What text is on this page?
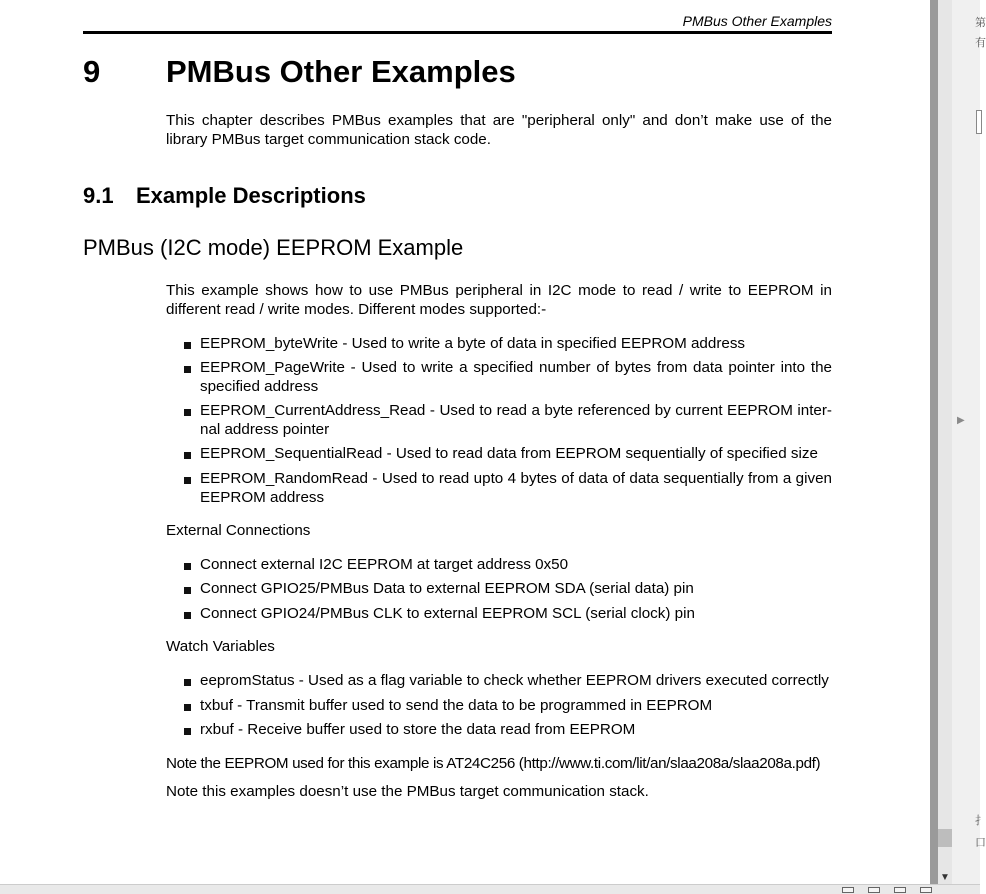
PMBus Other Examples
9 PMBus Other Examples
This chapter describes PMBus examples that are "peripheral only" and don’t make use of the library PMBus target communication stack code.
9.1 Example Descriptions
PMBus (I2C mode) EEPROM Example
This example shows how to use PMBus peripheral in I2C mode to read / write to EEPROM in different read / write modes. Different modes supported:-
EEPROM_byteWrite - Used to write a byte of data in specified EEPROM address
EEPROM_PageWrite - Used to write a specified number of bytes from data pointer into the specified address
EEPROM_CurrentAddress_Read - Used to read a byte referenced by current EEPROM inter-nal address pointer
EEPROM_SequentialRead - Used to read data from EEPROM sequentially of specified size
EEPROM_RandomRead - Used to read upto 4 bytes of data of data sequentially from a given EEPROM address
External Connections
Connect external I2C EEPROM at target address 0x50
Connect GPIO25/PMBus Data to external EEPROM SDA (serial data) pin
Connect GPIO24/PMBus CLK to external EEPROM SCL (serial clock) pin
Watch Variables
eepromStatus - Used as a flag variable to check whether EEPROM drivers executed correctly
txbuf - Transmit buffer used to send the data to be programmed in EEPROM
rxbuf - Receive buffer used to store the data read from EEPROM
Note the EEPROM used for this example is AT24C256 (http://www.ti.com/lit/an/slaa208a/slaa208a.pdf)
Note this examples doesn’t use the PMBus target communication stack.
▼
▶
第
有
扌
口
